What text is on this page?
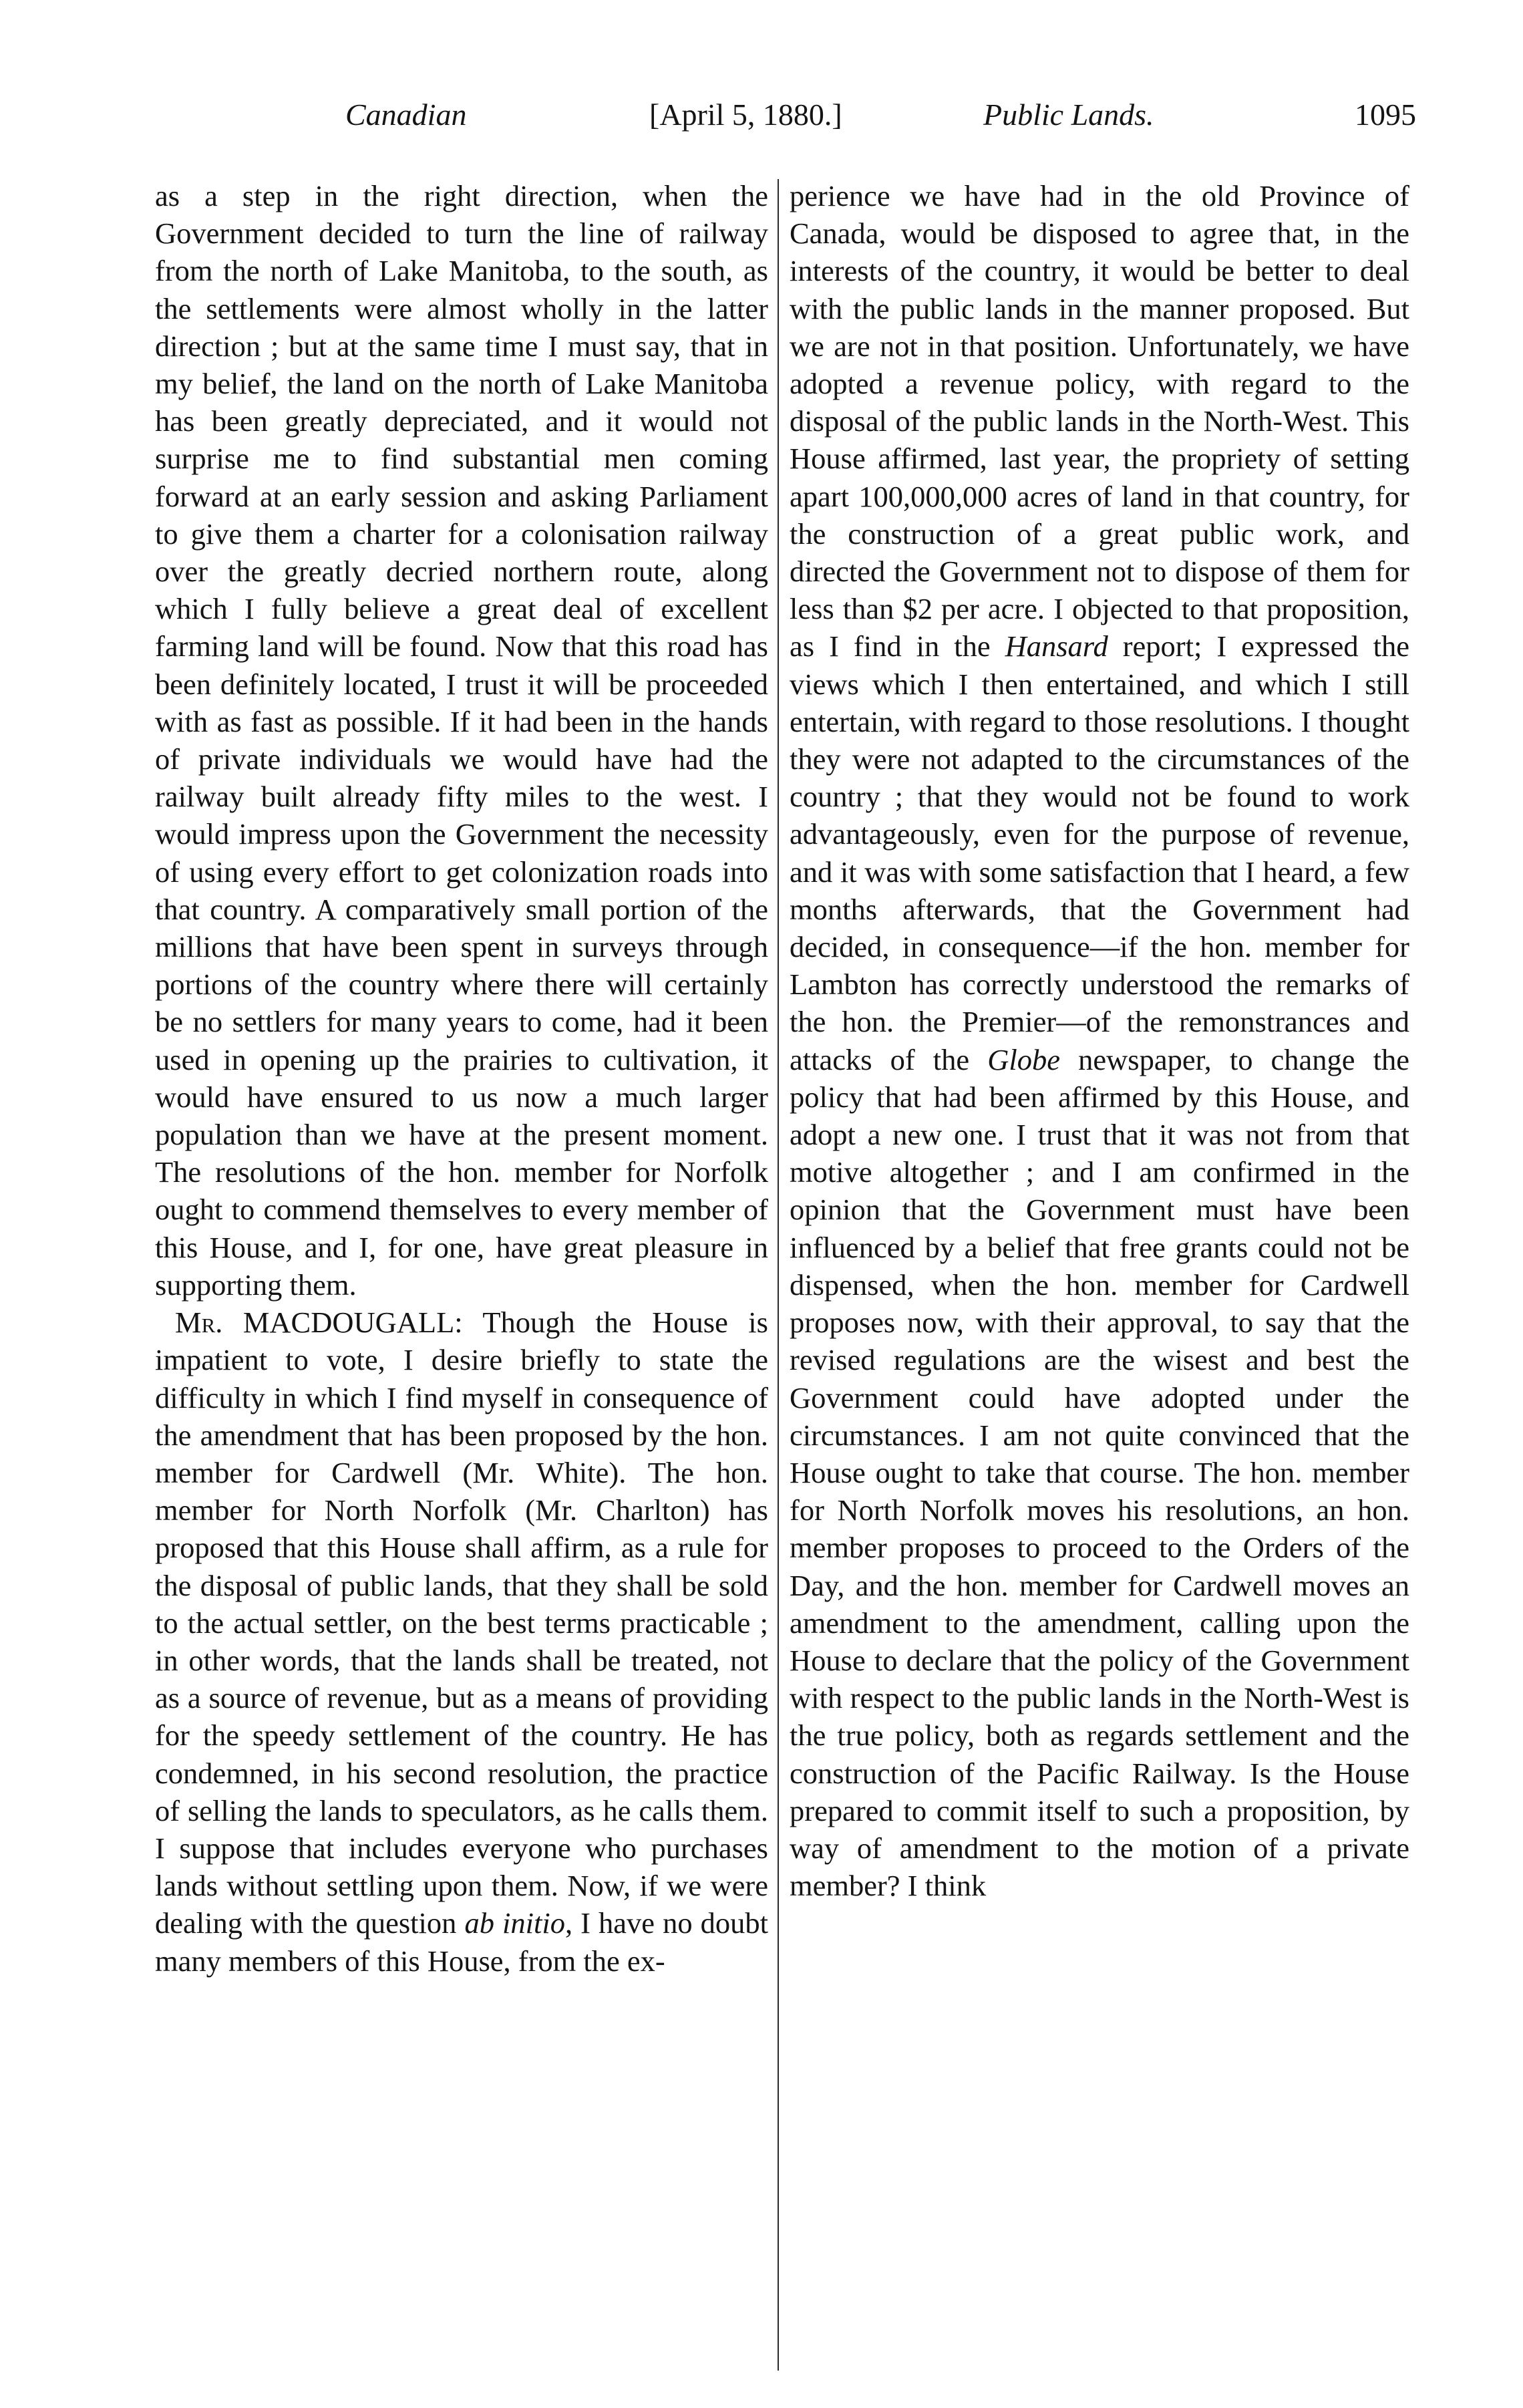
Canadian	[April 5, 1880.]	Public Lands.	1095

as a step in the right direction, when the Government decided to turn the line of railway from the north of Lake Manitoba, to the south, as the settlements were almost wholly in the latter direction ; but at the same time I must say, that in my belief, the land on the north of Lake Manitoba has been greatly depreciated, and it would not surprise me to find substantial men coming forward at an early session and asking Parliament to give them a charter for a colonisation railway over the greatly decried northern route, along which I fully believe a great deal of excellent farming land will be found. Now that this road has been definitely located, I trust it will be proceeded with as fast as possible. If it had been in the hands of private individuals we would have had the railway built already fifty miles to the west. I would impress upon the Government the necessity of using every effort to get colonization roads into that country. A comparatively small portion of the millions that have been spent in surveys through portions of the country where there will certainly be no settlers for many years to come, had it been used in opening up the prairies to cultivation, it would have ensured to us now a much larger population than we have at the present moment. The resolutions of the hon. member for Norfolk ought to commend themselves to every member of this House, and I, for one, have great pleasure in supporting them.

Mr. MACDOUGALL: Though the House is impatient to vote, I desire briefly to state the difficulty in which I find myself in consequence of the amendment that has been proposed by the hon. member for Cardwell (Mr. White). The hon. member for North Norfolk (Mr. Charlton) has proposed that this House shall affirm, as a rule for the disposal of public lands, that they shall be sold to the actual settler, on the best terms practicable ; in other words, that the lands shall be treated, not as a source of revenue, but as a means of providing for the speedy settlement of the country. He has condemned, in his second resolution, the practice of selling the lands to speculators, as he calls them. I suppose that includes everyone who purchases lands without settling upon them. Now, if we were dealing with the question ab initio, I have no doubt many members of this House, from the ex-

perience we have had in the old Province of Canada, would be disposed to agree that, in the interests of the country, it would be better to deal with the public lands in the manner proposed. But we are not in that position. Unfortunately, we have adopted a revenue policy, with regard to the disposal of the public lands in the North-West. This House affirmed, last year, the propriety of setting apart 100,000,000 acres of land in that country, for the construction of a great public work, and directed the Government not to dispose of them for less than $2 per acre. I objected to that proposition, as I find in the Hansard report; I expressed the views which I then entertained, and which I still entertain, with regard to those resolutions. I thought they were not adapted to the circumstances of the country ; that they would not be found to work advantageously, even for the purpose of revenue, and it was with some satisfaction that I heard, a few months afterwards, that the Government had decided, in consequence—if the hon. member for Lambton has correctly understood the remarks of the hon. the Premier—of the remonstrances and attacks of the Globe newspaper, to change the policy that had been affirmed by this House, and adopt a new one. I trust that it was not from that motive altogether ; and I am confirmed in the opinion that the Government must have been influenced by a belief that free grants could not be dispensed, when the hon. member for Cardwell proposes now, with their approval, to say that the revised regulations are the wisest and best the Government could have adopted under the circumstances. I am not quite convinced that the House ought to take that course. The hon. member for North Norfolk moves his resolutions, an hon. member proposes to proceed to the Orders of the Day, and the hon. member for Cardwell moves an amendment to the amendment, calling upon the House to declare that the policy of the Government with respect to the public lands in the North-West is the true policy, both as regards settlement and the construction of the Pacific Railway. Is the House prepared to commit itself to such a proposition, by way of amendment to the motion of a private member? I think
